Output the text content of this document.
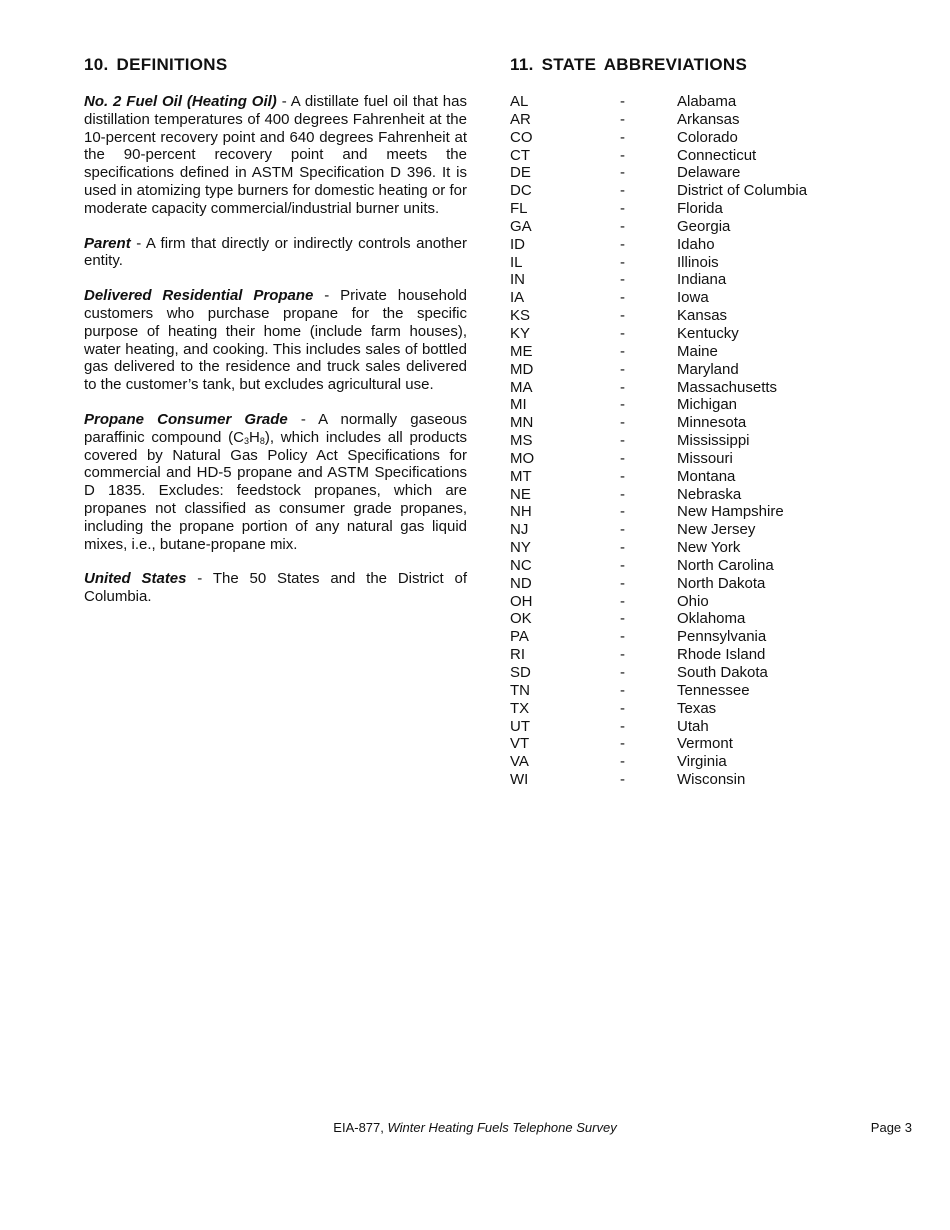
10. DEFINITIONS

No. 2 Fuel Oil (Heating Oil) - A distillate fuel oil that has distillation temperatures of 400 degrees Fahrenheit at the 10-percent recovery point and 640 degrees Fahrenheit at the 90-percent recovery point and meets the specifications defined in ASTM Specification D 396. It is used in atomizing type burners for domestic heating or for moderate capacity commercial/industrial burner units.

Parent - A firm that directly or indirectly controls another entity.

Delivered Residential Propane - Private household customers who purchase propane for the specific purpose of heating their home (include farm houses), water heating, and cooking. This includes sales of bottled gas delivered to the residence and truck sales delivered to the customer’s tank, but excludes agricultural use.

Propane Consumer Grade - A normally gaseous paraffinic compound $(C_3H_8)$, which includes all products covered by Natural Gas Policy Act Specifications for commercial and HD-5 propane and ASTM Specifications D 1835. Excludes: feedstock propanes, which are propanes not classified as consumer grade propanes, including the propane portion of any natural gas liquid mixes, i.e., butane-propane mix.

United States - The 50 States and the District of Columbia.

11. STATE ABBREVIATIONS
AL	-	Alabama
AR	-	Arkansas
CO	-	Colorado
CT	-	Connecticut
DE	-	Delaware
DC	-	District of Columbia
FL	-	Florida
GA	-	Georgia
ID	-	Idaho
IL	-	Illinois
IN	-	Indiana
IA	-	Iowa
KS	-	Kansas
KY	-	Kentucky
ME	-	Maine
MD	-	Maryland
MA	-	Massachusetts
MI	-	Michigan
MN	-	Minnesota
MS	-	Mississippi
MO	-	Missouri
MT	-	Montana
NE	-	Nebraska
NH	-	New Hampshire
NJ	-	New Jersey
NY	-	New York
NC	-	North Carolina
ND	-	North Dakota
OH	-	Ohio
OK	-	Oklahoma
PA	-	Pennsylvania
RI	-	Rhode Island
SD	-	South Dakota
TN	-	Tennessee
TX	-	Texas
UT	-	Utah
VT	-	Vermont
VA	-	Virginia
WI	-	Wisconsin
EIA-877, Winter Heating Fuels Telephone Survey	Page 3
